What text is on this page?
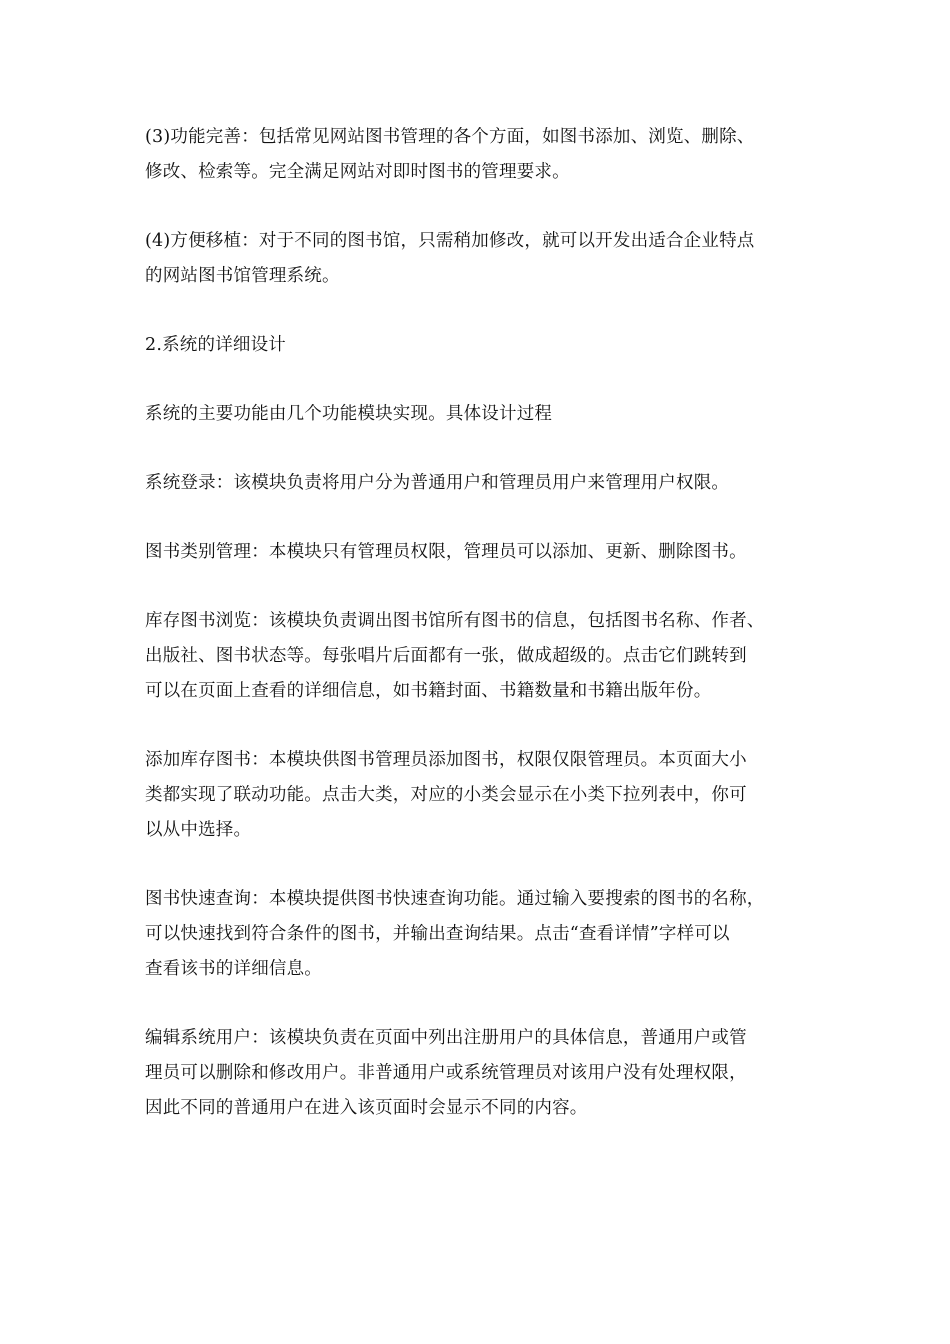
(3)功能完善：包括常见网站图书管理的各个方面，如图书添加、浏览、删除、
修改、检索等。完全满足网站对即时图书的管理要求。

(4)方便移植：对于不同的图书馆，只需稍加修改，就可以开发出适合企业特点
的网站图书馆管理系统。

2.系统的详细设计

系统的主要功能由几个功能模块实现。具体设计过程

系统登录：该模块负责将用户分为普通用户和管理员用户来管理用户权限。

图书类别管理：本模块只有管理员权限，管理员可以添加、更新、删除图书。

库存图书浏览：该模块负责调出图书馆所有图书的信息，包括图书名称、作者、
出版社、图书状态等。每张唱片后面都有一张，做成超级的。点击它们跳转到
可以在页面上查看的详细信息，如书籍封面、书籍数量和书籍出版年份。

添加库存图书：本模块供图书管理员添加图书，权限仅限管理员。本页面大小
类都实现了联动功能。点击大类，对应的小类会显示在小类下拉列表中，你可
以从中选择。

图书快速查询：本模块提供图书快速查询功能。通过输入要搜索的图书的名称，
可以快速找到符合条件的图书，并输出查询结果。点击“查看详情”字样可以
查看该书的详细信息。

编辑系统用户：该模块负责在页面中列出注册用户的具体信息，普通用户或管
理员可以删除和修改用户。非普通用户或系统管理员对该用户没有处理权限，
因此不同的普通用户在进入该页面时会显示不同的内容。
